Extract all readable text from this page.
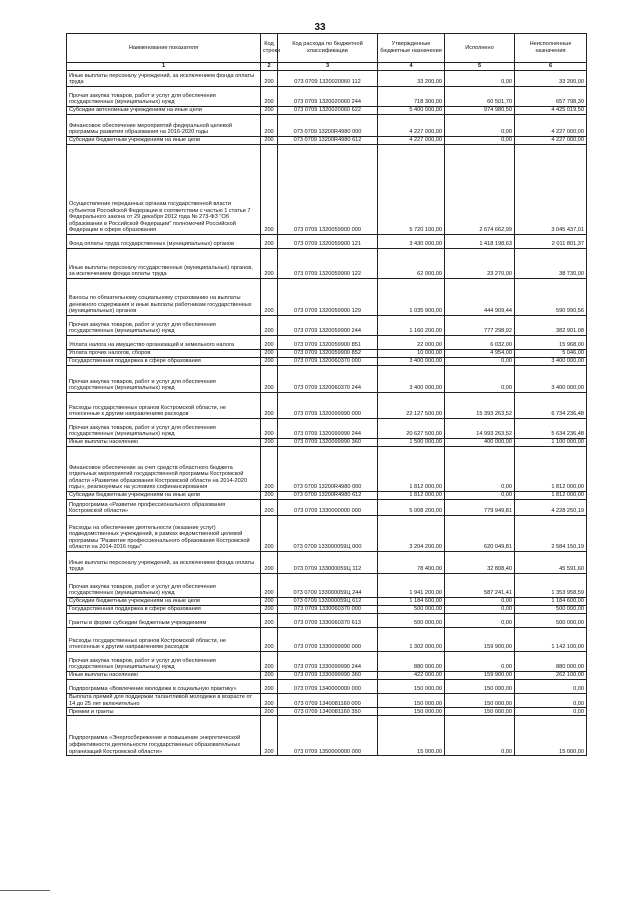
33
Наименование показателя	Код строки	Код расхода по бюджетной классификации	Утвержденные бюджетные назначения	Исполнено	Неисполненные назначения
1	2	3	4	5	6
Иные выплаты персоналу учреждений, за исключением фонда оплаты труда	200	073 0709 1320020060 112	33 200,00	0,00	33 200,00
Прочая закупка товаров, работ и услуг для обеспечения государственных (муниципальных) нужд	200	073 0709 1320020060 244	718 300,00	60 501,70	657 798,30
Субсидии автономным учреждениям на иные цели	200	073 0709 1320020060 622	5 400 000,00	974 980,50	4 425 019,50
Финансовое обеспечение мероприятий федеральной целевой программы развития образования на 2016-2020 годы	200	073 0709 13200R4980 000	4 227 000,00	0,00	4 227 000,00
Субсидии бюджетным учреждениям на иные цели	200	073 0709 13200R4980 612	4 227 000,00	0,00	4 227 000,00
Осуществление переданных органам государственной власти субъектов Российской Федерации в соответствии с частью 1 статьи 7 Федерального закона от 29 декабря 2012 года № 273-ФЗ "Об образовании в Российской Федерации" полномочий Российской Федерации в сфере образования	200	073 0709 1320059900 000	5 720 100,00	2 674 662,99	3 045 437,01
Фонд оплаты труда государственных (муниципальных) органов	200	073 0709 1320059900 121	3 430 000,00	1 418 198,63	2 011 801,37
Иные выплаты персоналу государственных (муниципальных) органов, за исключением фонда оплаты труда	200	073 0709 1320059900 122	62 000,00	23 270,00	38 730,00
Взносы по обязательному социальному страхованию на выплаты денежного содержания и иные выплаты работникам государственных (муниципальных) органов	200	073 0709 1320059900 129	1 035 900,00	444 909,44	590 990,56
Прочая закупка товаров, работ и услуг для обеспечения государственных (муниципальных) нужд	200	073 0709 1320059900 244	1 160 200,00	777 298,92	382 901,08
Уплата налога на имущество организаций и земельного налога	200	073 0709 1320059900 851	22 000,00	6 032,00	15 968,00
Уплата прочих налогов, сборов	200	073 0709 1320059900 852	10 000,00	4 954,00	5 046,00
Государственная поддержка в сфере образования	200	073 0709 1320060370 000	3 400 000,00	0,00	3 400 000,00
Прочая закупка товаров, работ и услуг для обеспечения государственных (муниципальных) нужд	200	073 0709 1320060370 244	3 400 000,00	0,00	3 400 000,00
Расходы государственных органов Костромской области, не отнесенные к другим направлениям расходов	200	073 0709 1320099990 000	22 127 500,00	15 393 263,52	6 734 236,48
Прочая закупка товаров, работ и услуг для обеспечения государственных (муниципальных) нужд	200	073 0709 1320099990 244	20 627 500,00	14 993 263,52	5 634 236,48
Иные выплаты населению	200	073 0709 1320099990 360	1 500 000,00	400 000,00	1 100 000,00
Финансовое обеспечение за счет средств областного бюджета отдельных мероприятий государственной программы Костромской области «Развитие образования Костромской области на 2014-2020 годы», реализуемых на условиях софинансирования	200	073 0709 13200R4980 000	1 812 000,00	0,00	1 812 000,00
Субсидии бюджетным учреждениям на иные цели	200	073 0709 13200R4980 612	1 812 000,00	0,00	1 812 000,00
Подпрограмма «Развитие профессионального образования Костромской области»	200	073 0709 1330000000 000	5 008 200,00	779 949,81	4 228 250,19
Расходы на обеспечение деятельности (оказание услуг) подведомственных учреждений, в рамках ведомственной целевой программы "Развитие профессионального образования Костромской области на 2014-2016 годы"	200	073 0709 133000059Ц 000	3 204 200,00	620 049,81	2 584 150,19
Иные выплаты персоналу учреждений, за исключением фонда оплаты труда	200	073 0709 133000059Ц 112	78 400,00	32 808,40	45 591,60
Прочая закупка товаров, работ и услуг для обеспечения государственных (муниципальных) нужд	200	073 0709 133000059Ц 244	1 941 200,00	587 241,41	1 353 958,59
Субсидии бюджетным учреждениям на иные цели	200	073 0709 133000059Ц 612	1 184 600,00	0,00	1 184 600,00
Государственная поддержка в сфере образования	200	073 0709 1330060370 000	500 000,00	0,00	500 000,00
Гранты в форме субсидии бюджетным учреждениям	200	073 0709 1330060370 613	500 000,00	0,00	500 000,00
Расходы государственных органов Костромской области, не отнесенные к другим направлениям расходов	200	073 0709 1330099990 000	1 302 000,00	159 900,00	1 142 100,00
Прочая закупка товаров, работ и услуг для обеспечения государственных (муниципальных) нужд	200	073 0709 1330099990 244	880 000,00	0,00	880 000,00
Иные выплаты населению	200	073 0709 1330099990 360	422 000,00	159 900,00	262 100,00
Подпрограмма «Вовлечение молодежи в социальную практику»	200	073 0709 1340000000 000	150 000,00	150 000,00	0,00
Выплата премий для поддержки талантливой молодежи в возрасте от 14 до 25 лет включительно	200	073 0709 1340081160 000	150 000,00	150 000,00	0,00
Премии и гранты	200	073 0709 1340081160 350	150 000,00	150 000,00	0,00
Подпрограмма «Энергосбережение и повышение энергетической эффективности деятельности государственных образовательных организаций Костромской области»	200	073 0709 1350000000 000	15 000,00	0,00	15 000,00
